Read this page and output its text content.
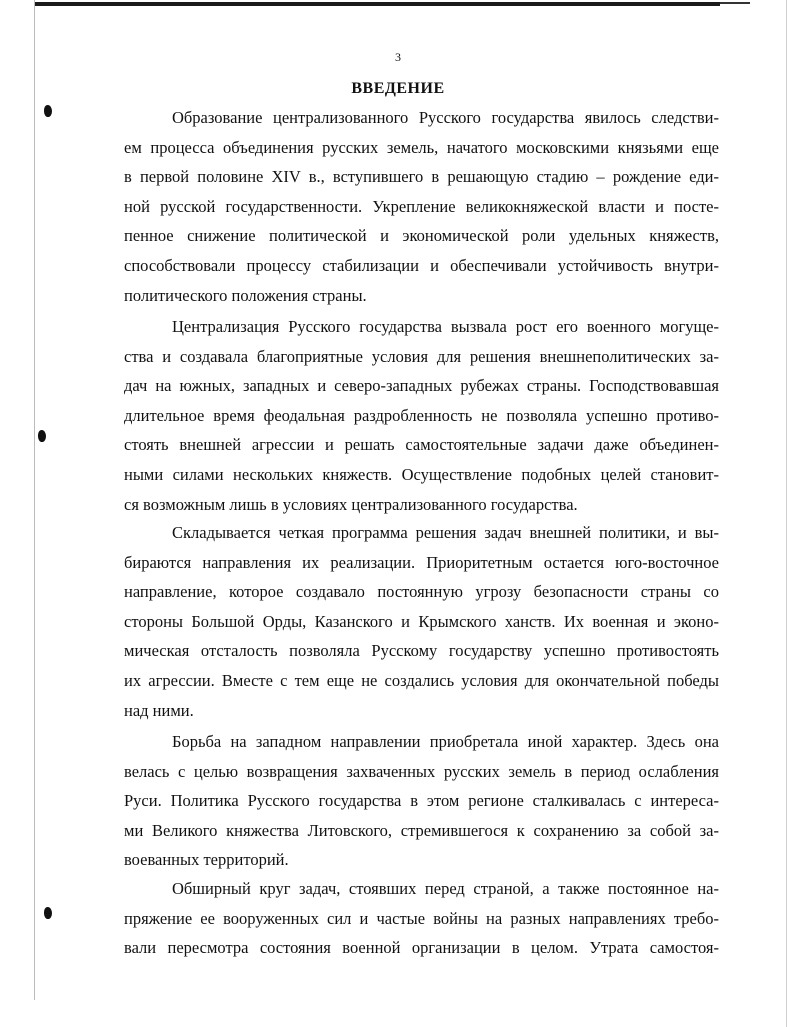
3
ВВЕДЕНИЕ
Образование централизованного Русского государства явилось следстви-
ем процесса объединения русских земель, начатого московскими князьями еще
в первой половине XIV в., вступившего в решающую стадию – рождение еди-
ной русской государственности. Укрепление великокняжеской власти и посте-
пенное снижение политической и экономической роли удельных княжеств,
способствовали процессу стабилизации и обеспечивали устойчивость внутри-
политического положения страны.
Централизация Русского государства вызвала рост его военного могуще-
ства и создавала благоприятные условия для решения внешнеполитических за-
дач на южных, западных и северо-западных рубежах страны. Господствовавшая
длительное время феодальная раздробленность не позволяла успешно противо-
стоять внешней агрессии и решать самостоятельные задачи даже объединен-
ными силами нескольких княжеств. Осуществление подобных целей становит-
ся возможным лишь в условиях централизованного государства.
Складывается четкая программа решения задач внешней политики, и вы-
бираются направления их реализации. Приоритетным остается юго-восточное
направление, которое создавало постоянную угрозу безопасности страны со
стороны Большой Орды, Казанского и Крымского ханств. Их военная и эконо-
мическая отсталость позволяла Русскому государству успешно противостоять
их агрессии. Вместе с тем еще не создались условия для окончательной победы
над ними.
Борьба на западном направлении приобретала иной характер. Здесь она
велась с целью возвращения захваченных русских земель в период ослабления
Руси. Политика Русского государства в этом регионе сталкивалась с интереса-
ми Великого княжества Литовского, стремившегося к сохранению за собой за-
воеванных территорий.
Обширный круг задач, стоявших перед страной, а также постоянное на-
пряжение ее вооруженных сил и частые войны на разных направлениях требо-
вали пересмотра состояния военной организации в целом. Утрата самостоя-
